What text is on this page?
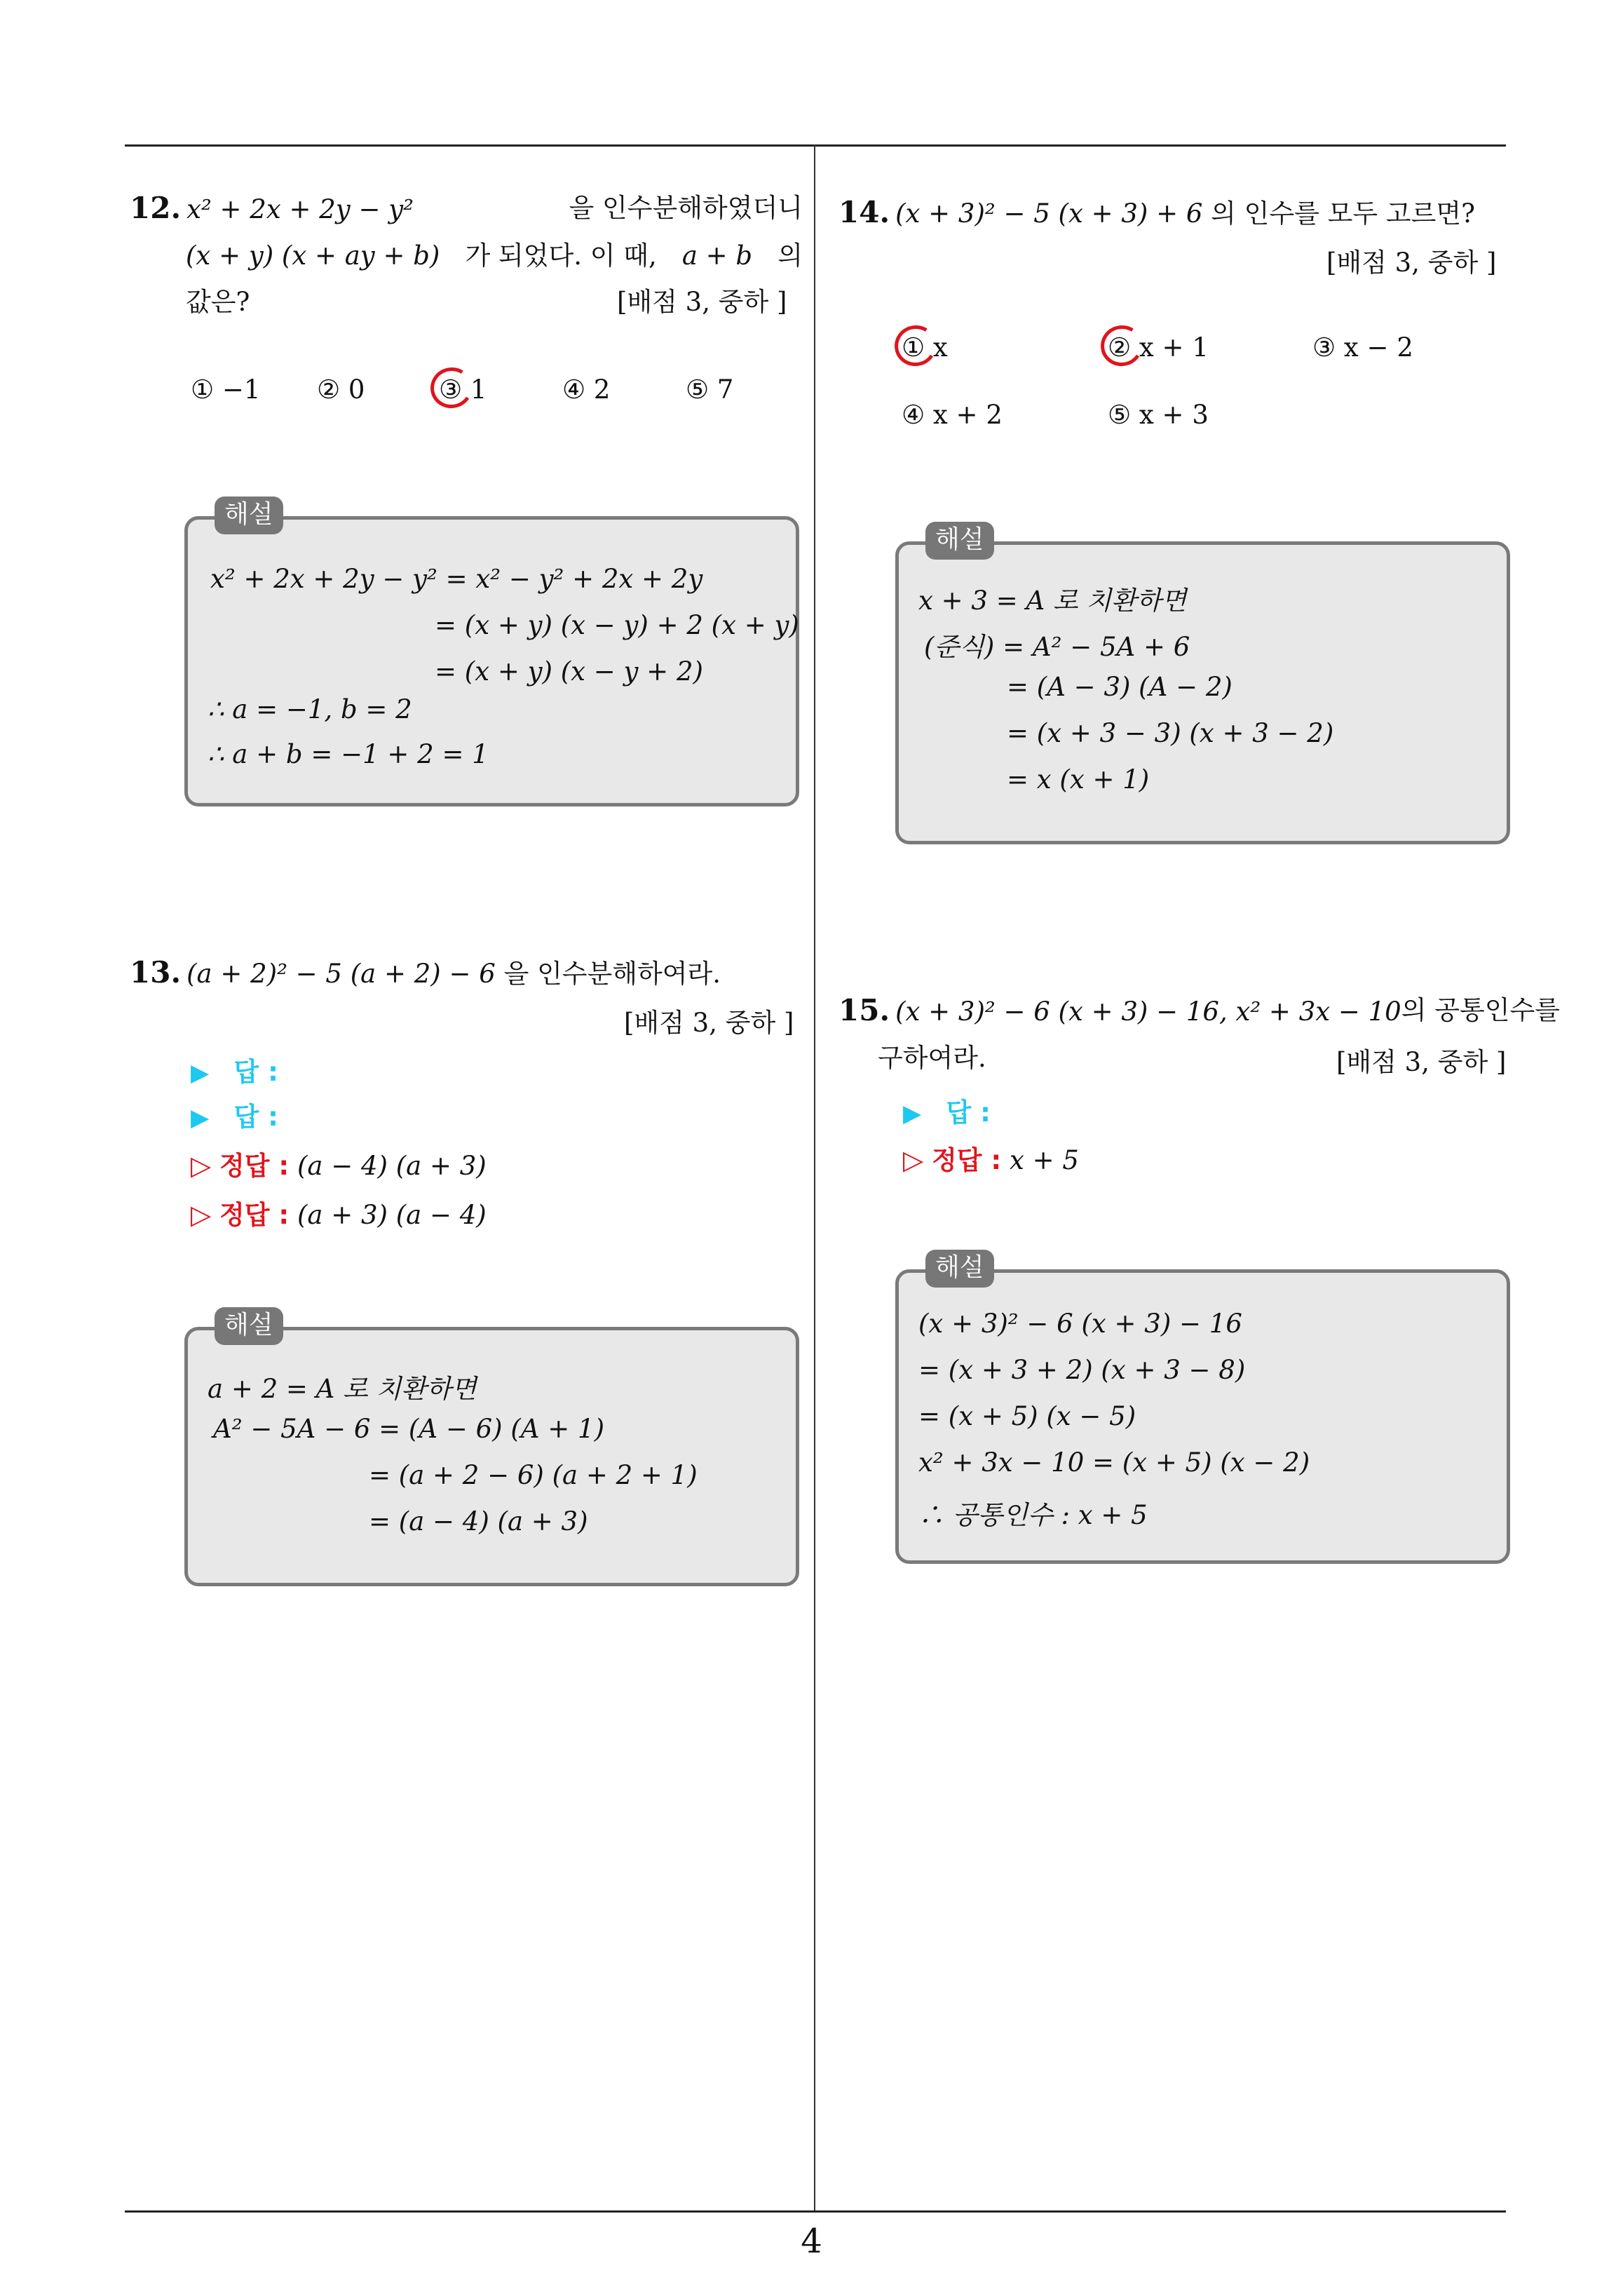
12. x² + 2x + 2y − y²	을 인수분해하였더니
(x + y) (x + ay + b) 가 되었다. 이 때, a + b 의
값은?	[배점 3, 중하 ]
① −1 ② 0	③ 1	④ 2	⑤ 7
해설
x² + 2x + 2y − y² = x² − y² + 2x + 2y
= (x + y) (x − y) + 2 (x + y)
= (x + y) (x − y + 2)
∴ a = −1, b = 2
∴ a + b = −1 + 2 = 1
13. (a + 2)² − 5 (a + 2) − 6 을 인수분해하여라.
[배점 3, 중하 ]
▶ 답 :
▶ 답 :
▷ 정답 : (a − 4) (a + 3)
▷ 정답 : (a + 3) (a − 4)
해설
a + 2 = A 로 치환하면
A² − 5A − 6 = (A − 6) (A + 1)
= (a + 2 − 6) (a + 2 + 1)
= (a − 4) (a + 3)
14. (x + 3)² − 5 (x + 3) + 6 의 인수를 모두 고르면?
[배점 3, 중하 ]
① x	② x + 1	③ x − 2
④ x + 2	⑤ x + 3
해설
x + 3 = A 로 치환하면
(준식) = A² − 5A + 6
= (A − 3) (A − 2)
= (x + 3 − 3) (x + 3 − 2)
= x (x + 1)
15. (x + 3)² − 6 (x + 3) − 16, x² + 3x − 10 의 공통인수를
구하여라.	[배점 3, 중하 ]
▶ 답 :
▷ 정답 : x + 5
해설
(x + 3)² − 6 (x + 3) − 16
= (x + 3 + 2) (x + 3 − 8)
= (x + 5) (x − 5)
x² + 3x − 10 = (x + 5) (x − 2)
∴ 공통인수 : x + 5
4
